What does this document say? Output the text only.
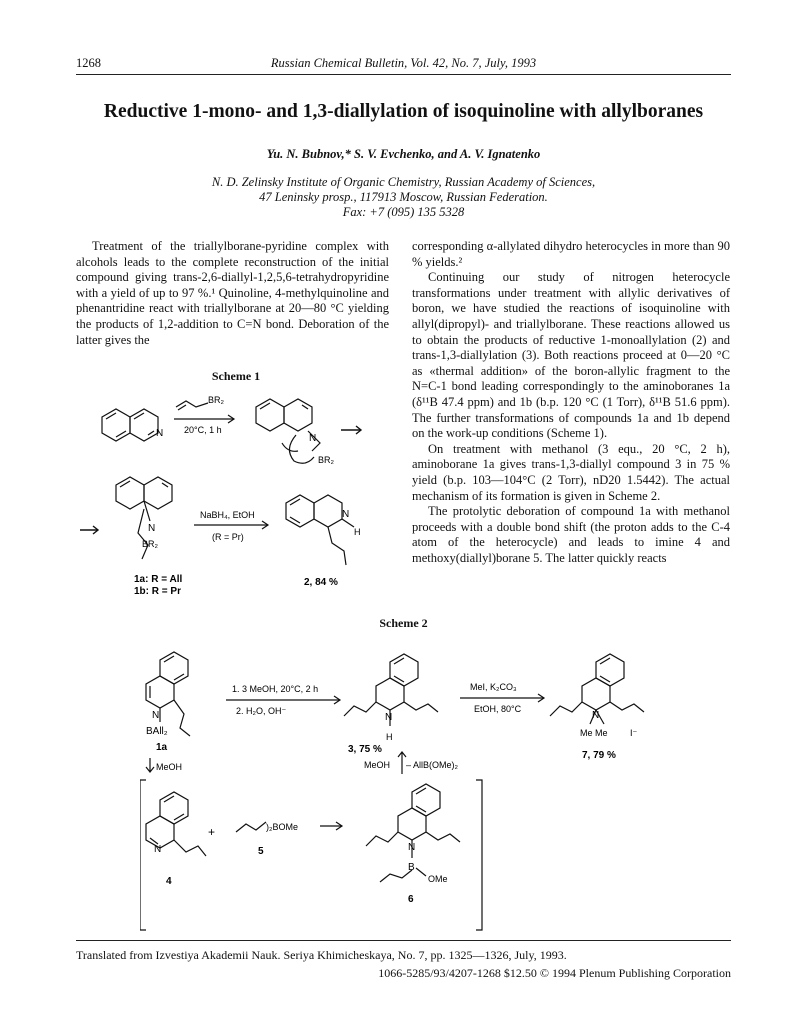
1268	Russian Chemical Bulletin, Vol. 42, No. 7, July, 1993
Reductive 1-mono- and 1,3-diallylation of isoquinoline with allylboranes
Yu. N. Bubnov,* S. V. Evchenko, and A. V. Ignatenko
N. D. Zelinsky Institute of Organic Chemistry, Russian Academy of Sciences,
47 Leninsky prosp., 117913 Moscow, Russian Federation.
Fax: +7 (095) 135 5328

Treatment of the triallylborane-pyridine complex with alcohols leads to the complete reconstruction of the initial compound giving trans-2,6-diallyl-1,2,5,6-tetrahydropyridine with a yield of up to 97 %.¹ Quinoline, 4-methylquinoline and phenantridine react with triallylborane at 20—80 °C yielding the products of 1,2-addition to C=N bond. Deboration of the latter gives the

corresponding α-allylated dihydro heterocycles in more than 90 % yields.²

Continuing our study of nitrogen heterocycle transformations under treatment with allylic derivatives of boron, we have studied the reactions of isoquinoline with allyl(dipropyl)- and triallylborane. These reactions allowed us to obtain the products of reductive 1-monoallylation (2) and trans-1,3-diallylation (3). Both reactions proceed at 0—20 °C as «thermal addition» of the boron-allylic fragment to the N=C-1 bond leading correspondingly to the aminoboranes 1a (δ¹¹B 47.4 ppm) and 1b (b.p. 120 °C (1 Torr), δ¹¹B 51.6 ppm). The further transformations of compounds 1a and 1b depend on the work-up conditions (Scheme 1).

On treatment with methanol (3 equ., 20 °C, 2 h), aminoborane 1a gives trans-1,3-diallyl compound 3 in 75 % yield (b.p. 103—104°C (2 Torr), nD20 1.5442). The actual mechanism of its formation is given in Scheme 2.

The protolytic deboration of compound 1a with methanol proceeds with a double bond shift (the proton adds to the C-4 atom of the heterocycle) and leads to imine 4 and methoxy(diallyl)borane 5. The latter quickly reacts

Scheme 1
N
BR₂
20°C, 1 h
N
BR₂
N
BR₂
NaBH₄, EtOH
(R = Pr)
N
H
1a: R = All
1b: R = Pr
2, 84 %
Scheme 2
N
BAll₂
1a
1. 3 MeOH, 20°C, 2 h
2. H₂O, OH⁻
N
H
3, 75 %
MeI, K₂CO₃
EtOH, 80°C
N
Me Me I⁻
7, 79 %
MeOH	MeOH – AllB(OMe)₂
N
4
+	)₂BOMe
5	N
B
OMe
6
Translated from Izvestiya Akademii Nauk. Seriya Khimicheskaya, No. 7, pp. 1325—1326, July, 1993.
1066-5285/93/4207-1268 $12.50 © 1994 Plenum Publishing Corporation
